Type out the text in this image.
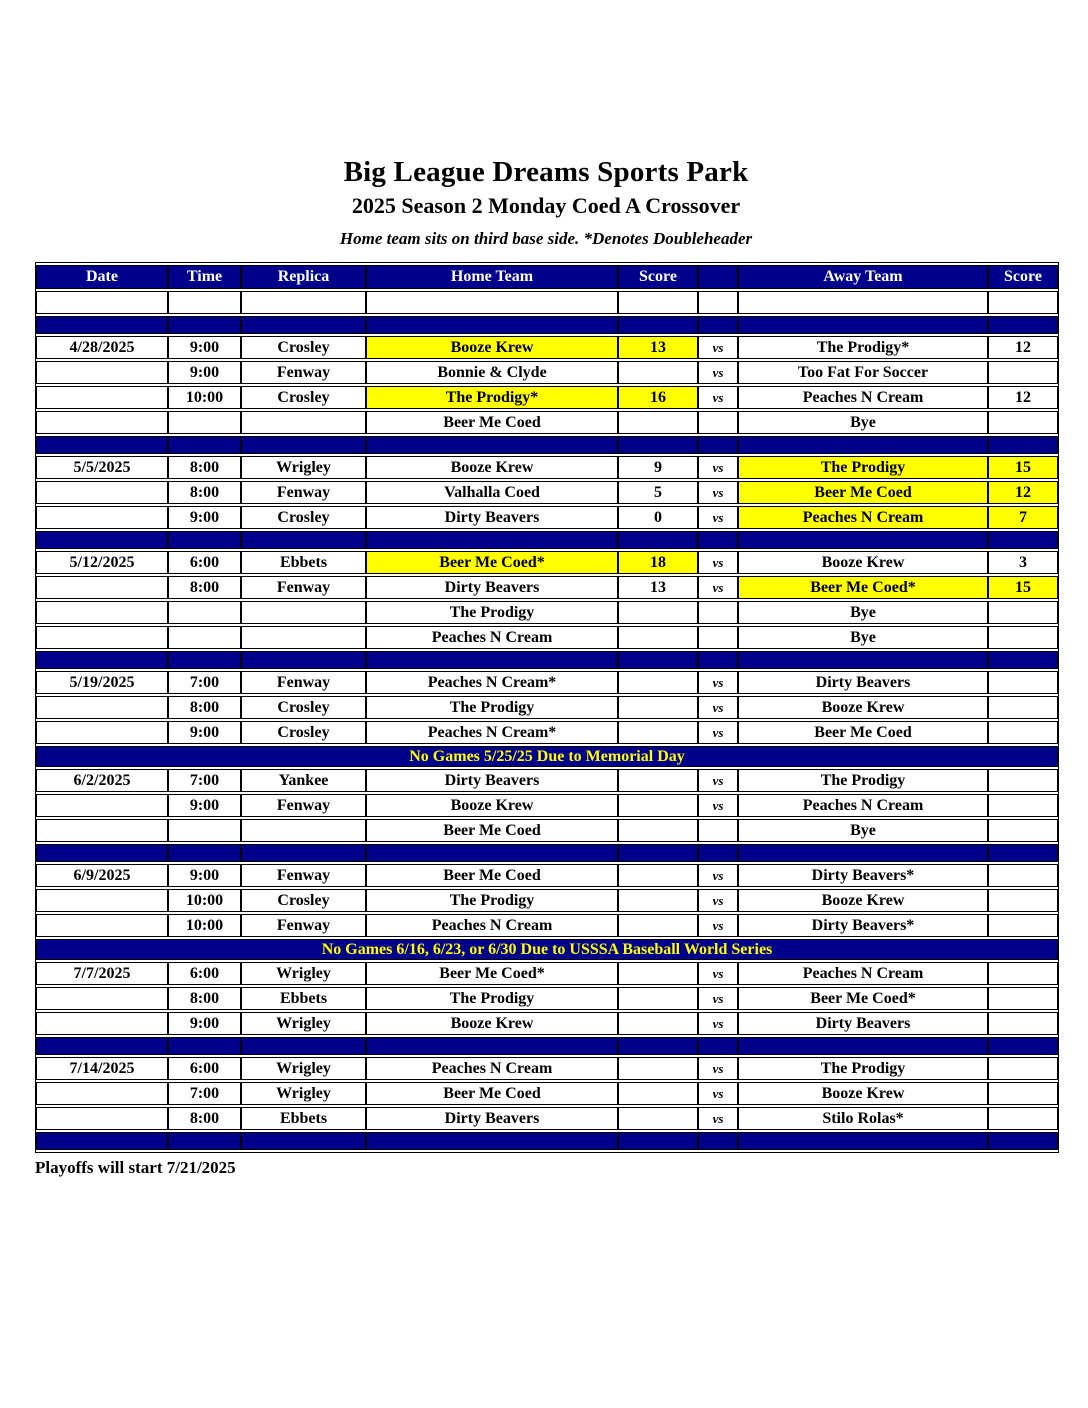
Big League Dreams Sports Park
2025 Season 2 Monday Coed A Crossover
Home team sits on third base side. *Denotes Doubleheader
Date	Time	Replica	Home Team	Score		Away Team	Score

4/28/2025	9:00	Crosley	Booze Krew	13	vs	The Prodigy*	12
	9:00	Fenway	Bonnie & Clyde		vs	Too Fat For Soccer	
	10:00	Crosley	The Prodigy*	16	vs	Peaches N Cream	12
			Beer Me Coed			Bye	

5/5/2025	8:00	Wrigley	Booze Krew	9	vs	The Prodigy	15
	8:00	Fenway	Valhalla Coed	5	vs	Beer Me Coed	12
	9:00	Crosley	Dirty Beavers	0	vs	Peaches N Cream	7

5/12/2025	6:00	Ebbets	Beer Me Coed*	18	vs	Booze Krew	3
	8:00	Fenway	Dirty Beavers	13	vs	Beer Me Coed*	15
			The Prodigy			Bye	
			Peaches N Cream			Bye	

5/19/2025	7:00	Fenway	Peaches N Cream*		vs	Dirty Beavers	
	8:00	Crosley	The Prodigy		vs	Booze Krew	
	9:00	Crosley	Peaches N Cream*		vs	Beer Me Coed	
No Games 5/25/25 Due to Memorial Day							
6/2/2025	7:00	Yankee	Dirty Beavers		vs	The Prodigy	
	9:00	Fenway	Booze Krew		vs	Peaches N Cream	
			Beer Me Coed			Bye	

6/9/2025	9:00	Fenway	Beer Me Coed		vs	Dirty Beavers*	
	10:00	Crosley	The Prodigy		vs	Booze Krew	
	10:00	Fenway	Peaches N Cream		vs	Dirty Beavers*	
No Games 6/16, 6/23, or 6/30 Due to USSSA Baseball World Series							
7/7/2025	6:00	Wrigley	Beer Me Coed*		vs	Peaches N Cream	
	8:00	Ebbets	The Prodigy		vs	Beer Me Coed*	
	9:00	Wrigley	Booze Krew		vs	Dirty Beavers	

7/14/2025	6:00	Wrigley	Peaches N Cream		vs	The Prodigy	
	7:00	Wrigley	Beer Me Coed		vs	Booze Krew	
	8:00	Ebbets	Dirty Beavers		vs	Stilo Rolas*	

Playoffs will start 7/21/2025
